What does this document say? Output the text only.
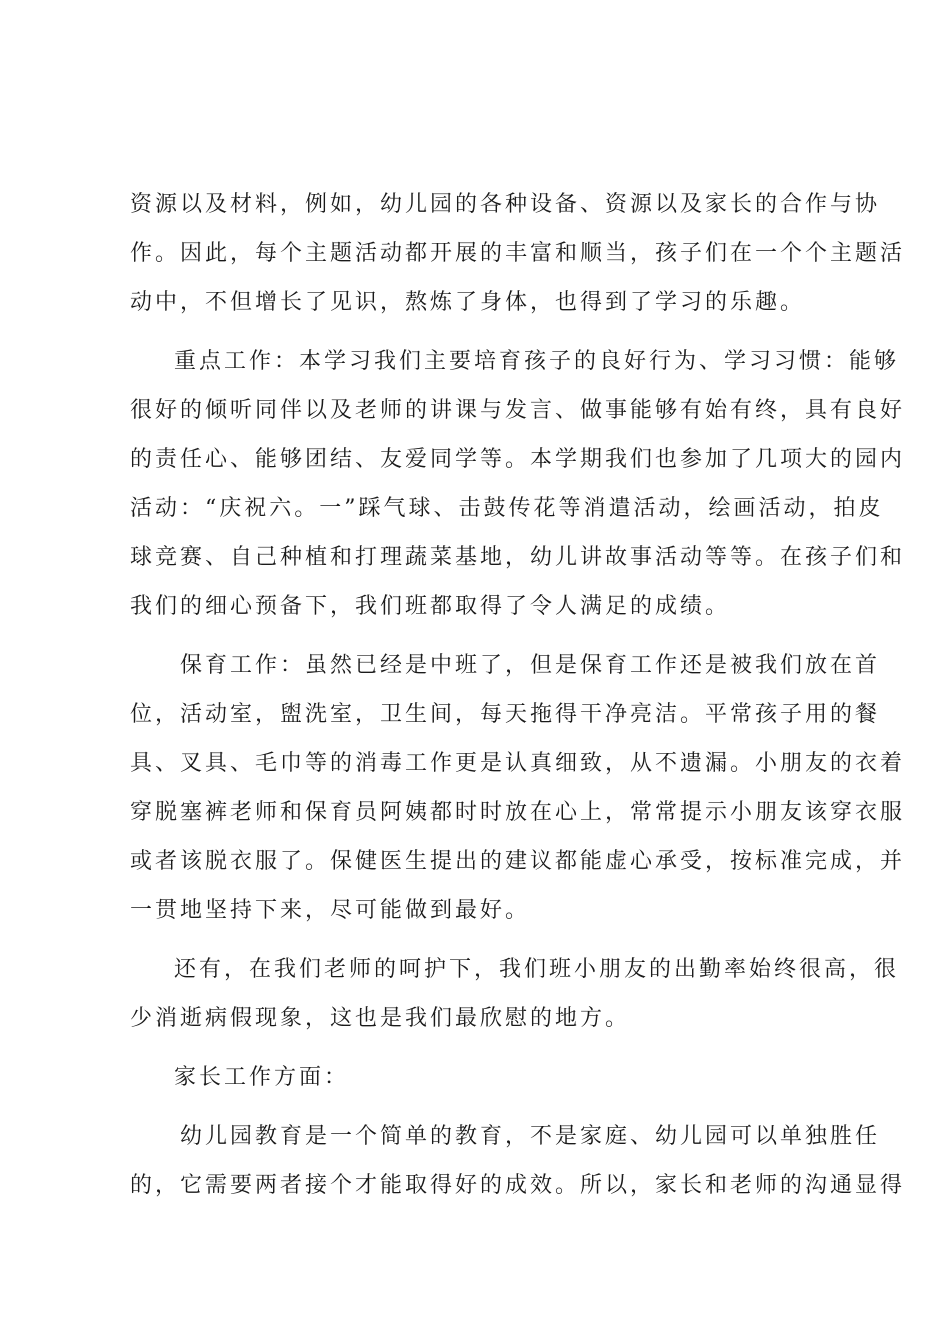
资源以及材料，例如，幼儿园的各种设备、资源以及家长的合作与协
作。因此，每个主题活动都开展的丰富和顺当，孩子们在一个个主题活
动中，不但增长了见识，熬炼了身体，也得到了学习的乐趣。
重点工作：本学习我们主要培育孩子的良好行为、学习习惯：能够
很好的倾听同伴以及老师的讲课与发言、做事能够有始有终，具有良好
的责任心、能够团结、友爱同学等。本学期我们也参加了几项大的园内
活动：“庆祝六。一”踩气球、击鼓传花等消遣活动，绘画活动，拍皮
球竞赛、自己种植和打理蔬菜基地，幼儿讲故事活动等等。在孩子们和
我们的细心预备下，我们班都取得了令人满足的成绩。
保育工作：虽然已经是中班了，但是保育工作还是被我们放在首
位，活动室，盥洗室，卫生间，每天拖得干净亮洁。平常孩子用的餐
具、叉具、毛巾等的消毒工作更是认真细致，从不遗漏。小朋友的衣着
穿脱塞裤老师和保育员阿姨都时时放在心上，常常提示小朋友该穿衣服
或者该脱衣服了。保健医生提出的建议都能虚心承受，按标准完成，并
一贯地坚持下来，尽可能做到最好。
还有，在我们老师的呵护下，我们班小朋友的出勤率始终很高，很
少消逝病假现象，这也是我们最欣慰的地方。
家长工作方面：
幼儿园教育是一个简单的教育，不是家庭、幼儿园可以单独胜任
的，它需要两者接个才能取得好的成效。所以，家长和老师的沟通显得
